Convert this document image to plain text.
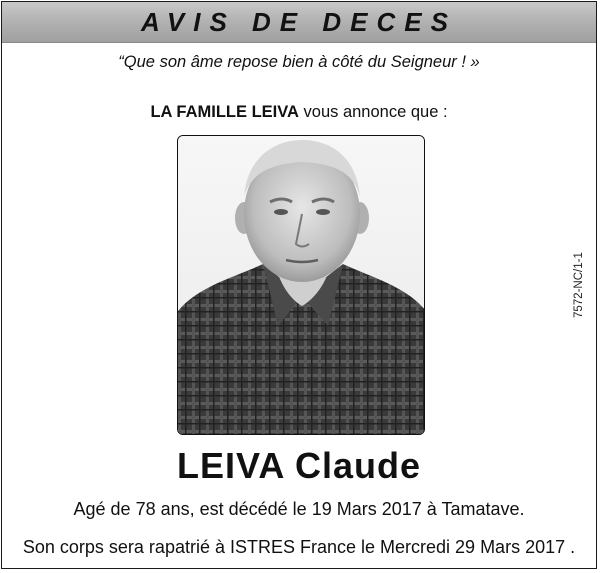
AVIS DE DECES
“Que son âme repose bien à côté du Seigneur ! »
LA FAMILLE LEIVA vous annonce que :
7572-NC/1-1
LEIVA Claude
Agé de 78 ans, est décédé le 19 Mars 2017 à Tamatave.
Son corps sera rapatrié à ISTRES France le Mercredi 29 Mars 2017 .
